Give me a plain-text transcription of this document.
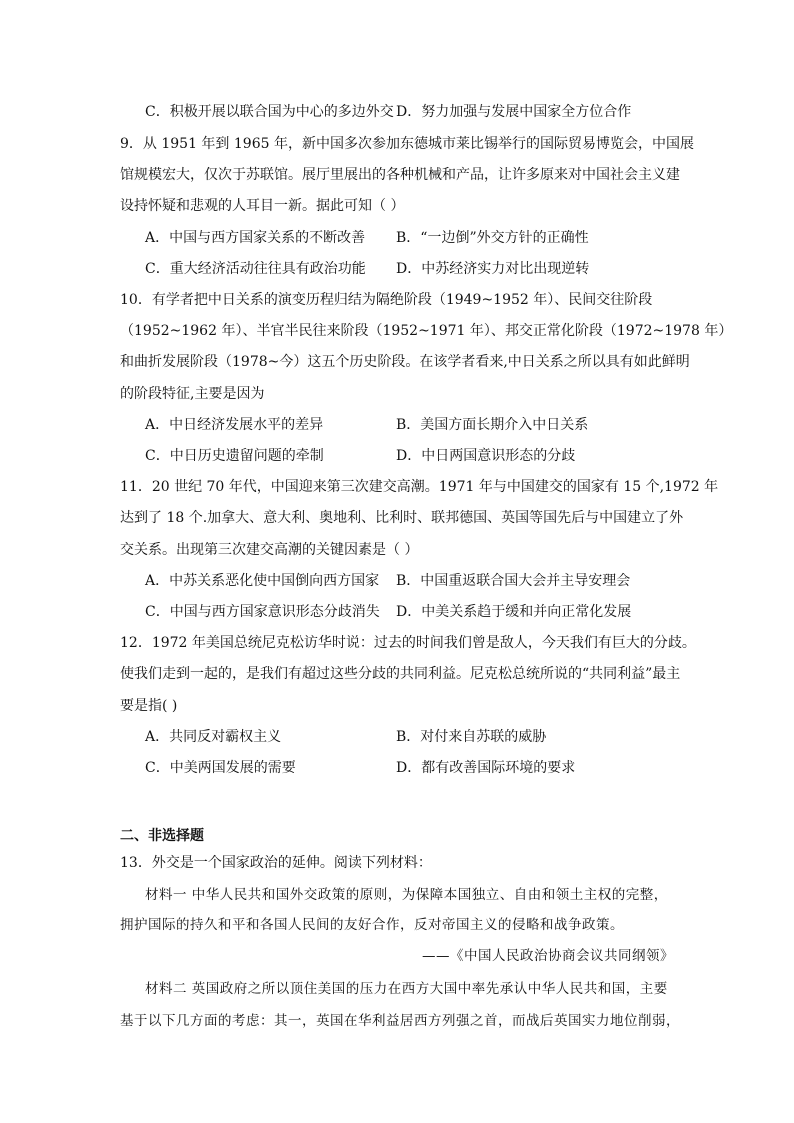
C．积极开展以联合国为中心的多边外交 D．努力加强与发展中国家全方位合作
9．从 1951 年到 1965 年，新中国多次参加东德城市莱比锡举行的国际贸易博览会，中国展
馆规模宏大，仅次于苏联馆。展厅里展出的各种机械和产品，让许多原来对中国社会主义建
设持怀疑和悲观的人耳目一新。据此可知（ ）
A．中国与西方国家关系的不断改善 B．“一边倒”外交方针的正确性
C．重大经济活动往往具有政治功能 D．中苏经济实力对比出现逆转
10．有学者把中日关系的演变历程归结为隔绝阶段（1949~1952 年）、民间交往阶段
（1952~1962 年）、半官半民往来阶段（1952~1971 年）、邦交正常化阶段（1972~1978 年）
和曲折发展阶段（1978~今）这五个历史阶段。在该学者看来,中日关系之所以具有如此鲜明
的阶段特征,主要是因为
A．中日经济发展水平的差异	B．美国方面长期介入中日关系
C．中日历史遗留问题的牵制	D．中日两国意识形态的分歧
11．20 世纪 70 年代，中国迎来第三次建交高潮。1971 年与中国建交的国家有 15 个,1972 年
达到了 18 个.加拿大、意大利、奥地利、比利时、联邦德国、英国等国先后与中国建立了外
交关系。出现第三次建交高潮的关键因素是（ ）
A．中苏关系恶化使中国倒向西方国家 B．中国重返联合国大会并主导安理会
C．中国与西方国家意识形态分歧消失 D．中美关系趋于缓和并向正常化发展
12．1972 年美国总统尼克松访华时说：过去的时间我们曾是敌人，今天我们有巨大的分歧。
使我们走到一起的，是我们有超过这些分歧的共同利益。尼克松总统所说的“共同利益”最主
要是指( )
A．共同反对霸权主义	B．对付来自苏联的威胁
C．中美两国发展的需要	D．都有改善国际环境的要求
二、非选择题
13．外交是一个国家政治的延伸。阅读下列材料：
材料一 中华人民共和国外交政策的原则，为保障本国独立、自由和领土主权的完整，
拥护国际的持久和平和各国人民间的友好合作，反对帝国主义的侵略和战争政策。
——《中国人民政治协商会议共同纲领》
材料二 英国政府之所以顶住美国的压力在西方大国中率先承认中华人民共和国，主要
基于以下几方面的考虑：其一，英国在华利益居西方列强之首，而战后英国实力地位削弱，
